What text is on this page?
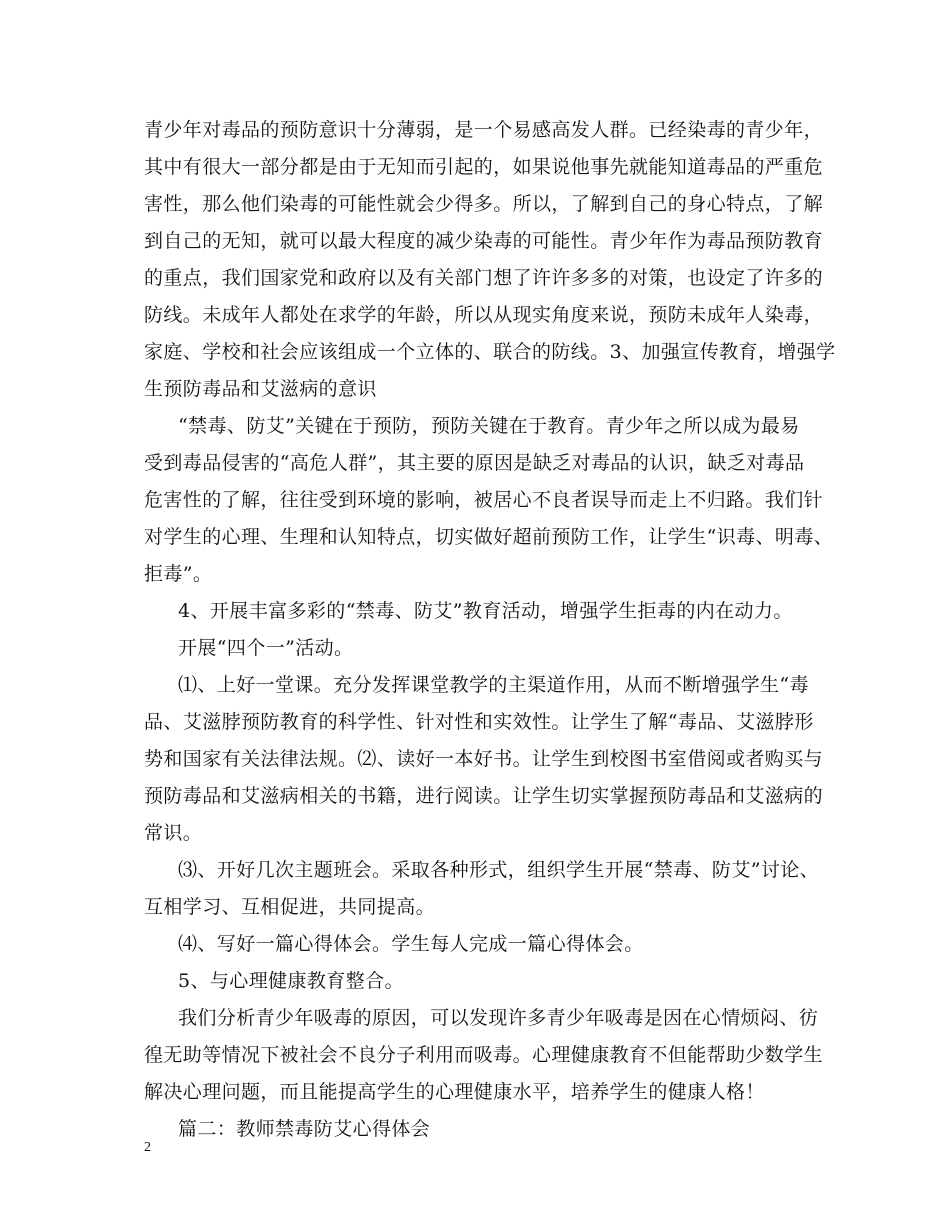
青少年对毒品的预防意识十分薄弱，是一个易感高发人群。已经染毒的青少年，
其中有很大一部分都是由于无知而引起的，如果说他事先就能知道毒品的严重危
害性，那么他们染毒的可能性就会少得多。所以，了解到自己的身心特点，了解
到自己的无知，就可以最大程度的减少染毒的可能性。青少年作为毒品预防教育
的重点，我们国家党和政府以及有关部门想了许许多多的对策，也设定了许多的
防线。未成年人都处在求学的年龄，所以从现实角度来说，预防未成年人染毒，
家庭、学校和社会应该组成一个立体的、联合的防线。3、加强宣传教育，增强学
生预防毒品和艾滋病的意识
“禁毒、防艾”关键在于预防，预防关键在于教育。青少年之所以成为最易
受到毒品侵害的“高危人群”，其主要的原因是缺乏对毒品的认识，缺乏对毒品
危害性的了解，往往受到环境的影响，被居心不良者误导而走上不归路。我们针
对学生的心理、生理和认知特点，切实做好超前预防工作，让学生“识毒、明毒、
拒毒”。
4、开展丰富多彩的“禁毒、防艾”教育活动，增强学生拒毒的内在动力。
开展“四个一”活动。
⑴、上好一堂课。充分发挥课堂教学的主渠道作用，从而不断增强学生“毒
品、艾滋脖预防教育的科学性、针对性和实效性。让学生了解“毒品、艾滋脖形
势和国家有关法律法规。⑵、读好一本好书。让学生到校图书室借阅或者购买与
预防毒品和艾滋病相关的书籍，进行阅读。让学生切实掌握预防毒品和艾滋病的
常识。
⑶、开好几次主题班会。采取各种形式，组织学生开展“禁毒、防艾”讨论、
互相学习、互相促进，共同提高。
⑷、写好一篇心得体会。学生每人完成一篇心得体会。
5、与心理健康教育整合。
我们分析青少年吸毒的原因，可以发现许多青少年吸毒是因在心情烦闷、彷
徨无助等情况下被社会不良分子利用而吸毒。心理健康教育不但能帮助少数学生
解决心理问题，而且能提高学生的心理健康水平，培养学生的健康人格！
篇二：教师禁毒防艾心得体会
2
